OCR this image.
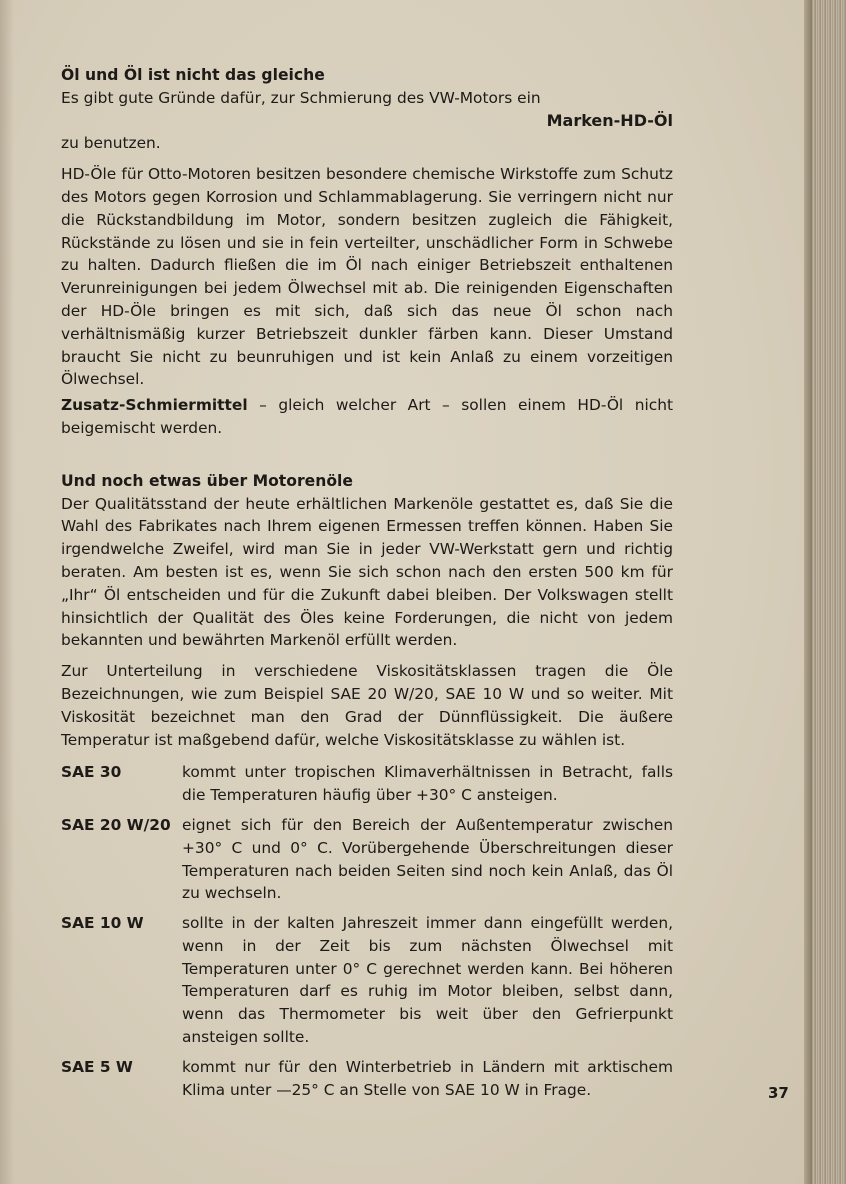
Öl und Öl ist nicht das gleiche

Es gibt gute Gründe dafür, zur Schmierung des VW-Motors ein

Marken-HD-Öl

zu benutzen.

HD-Öle für Otto-Motoren besitzen besondere chemische Wirkstoffe zum Schutz des Motors gegen Korrosion und Schlammablagerung. Sie verringern nicht nur die Rückstandbildung im Motor, sondern besitzen zugleich die Fähigkeit, Rückstände zu lösen und sie in fein verteilter, unschädlicher Form in Schwebe zu halten. Dadurch fließen die im Öl nach einiger Betriebszeit enthaltenen Verunreinigungen bei jedem Ölwechsel mit ab. Die reinigenden Eigenschaften der HD-Öle bringen es mit sich, daß sich das neue Öl schon nach verhältnismäßig kurzer Betriebszeit dunkler färben kann. Dieser Umstand braucht Sie nicht zu beunruhigen und ist kein Anlaß zu einem vorzeitigen Ölwechsel.

Zusatz-Schmiermittel – gleich welcher Art – sollen einem HD-Öl nicht beigemischt werden.

Und noch etwas über Motorenöle

Der Qualitätsstand der heute erhältlichen Markenöle gestattet es, daß Sie die Wahl des Fabrikates nach Ihrem eigenen Ermessen treffen können. Haben Sie irgendwelche Zweifel, wird man Sie in jeder VW-Werkstatt gern und richtig beraten. Am besten ist es, wenn Sie sich schon nach den ersten 500 km für „Ihr“ Öl entscheiden und für die Zukunft dabei bleiben. Der Volkswagen stellt hinsichtlich der Qualität des Öles keine Forderungen, die nicht von jedem bekannten und bewährten Markenöl erfüllt werden.

Zur Unterteilung in verschiedene Viskositätsklassen tragen die Öle Bezeichnungen, wie zum Beispiel SAE 20 W/20, SAE 10 W und so weiter. Mit Viskosität bezeichnet man den Grad der Dünnflüssigkeit. Die äußere Temperatur ist maßgebend dafür, welche Viskositätsklasse zu wählen ist.

SAE 30	kommt unter tropischen Klimaverhältnissen in Betracht, falls die Temperaturen häufig über +30° C ansteigen.
SAE 20 W/20 eignet sich für den Bereich der Außentemperatur zwischen +30° C und 0° C. Vorübergehende Überschreitungen dieser Temperaturen nach beiden Seiten sind noch kein Anlaß, das Öl zu wechseln.
SAE 10 W	sollte in der kalten Jahreszeit immer dann eingefüllt werden, wenn in der Zeit bis zum nächsten Ölwechsel mit Temperaturen unter 0° C gerechnet werden kann. Bei höheren Temperaturen darf es ruhig im Motor bleiben, selbst dann, wenn das Thermometer bis weit über den Gefrierpunkt ansteigen sollte.
SAE 5 W	kommt nur für den Winterbetrieb in Ländern mit arktischem Klima unter —25° C an Stelle von SAE 10 W in Frage.	37
